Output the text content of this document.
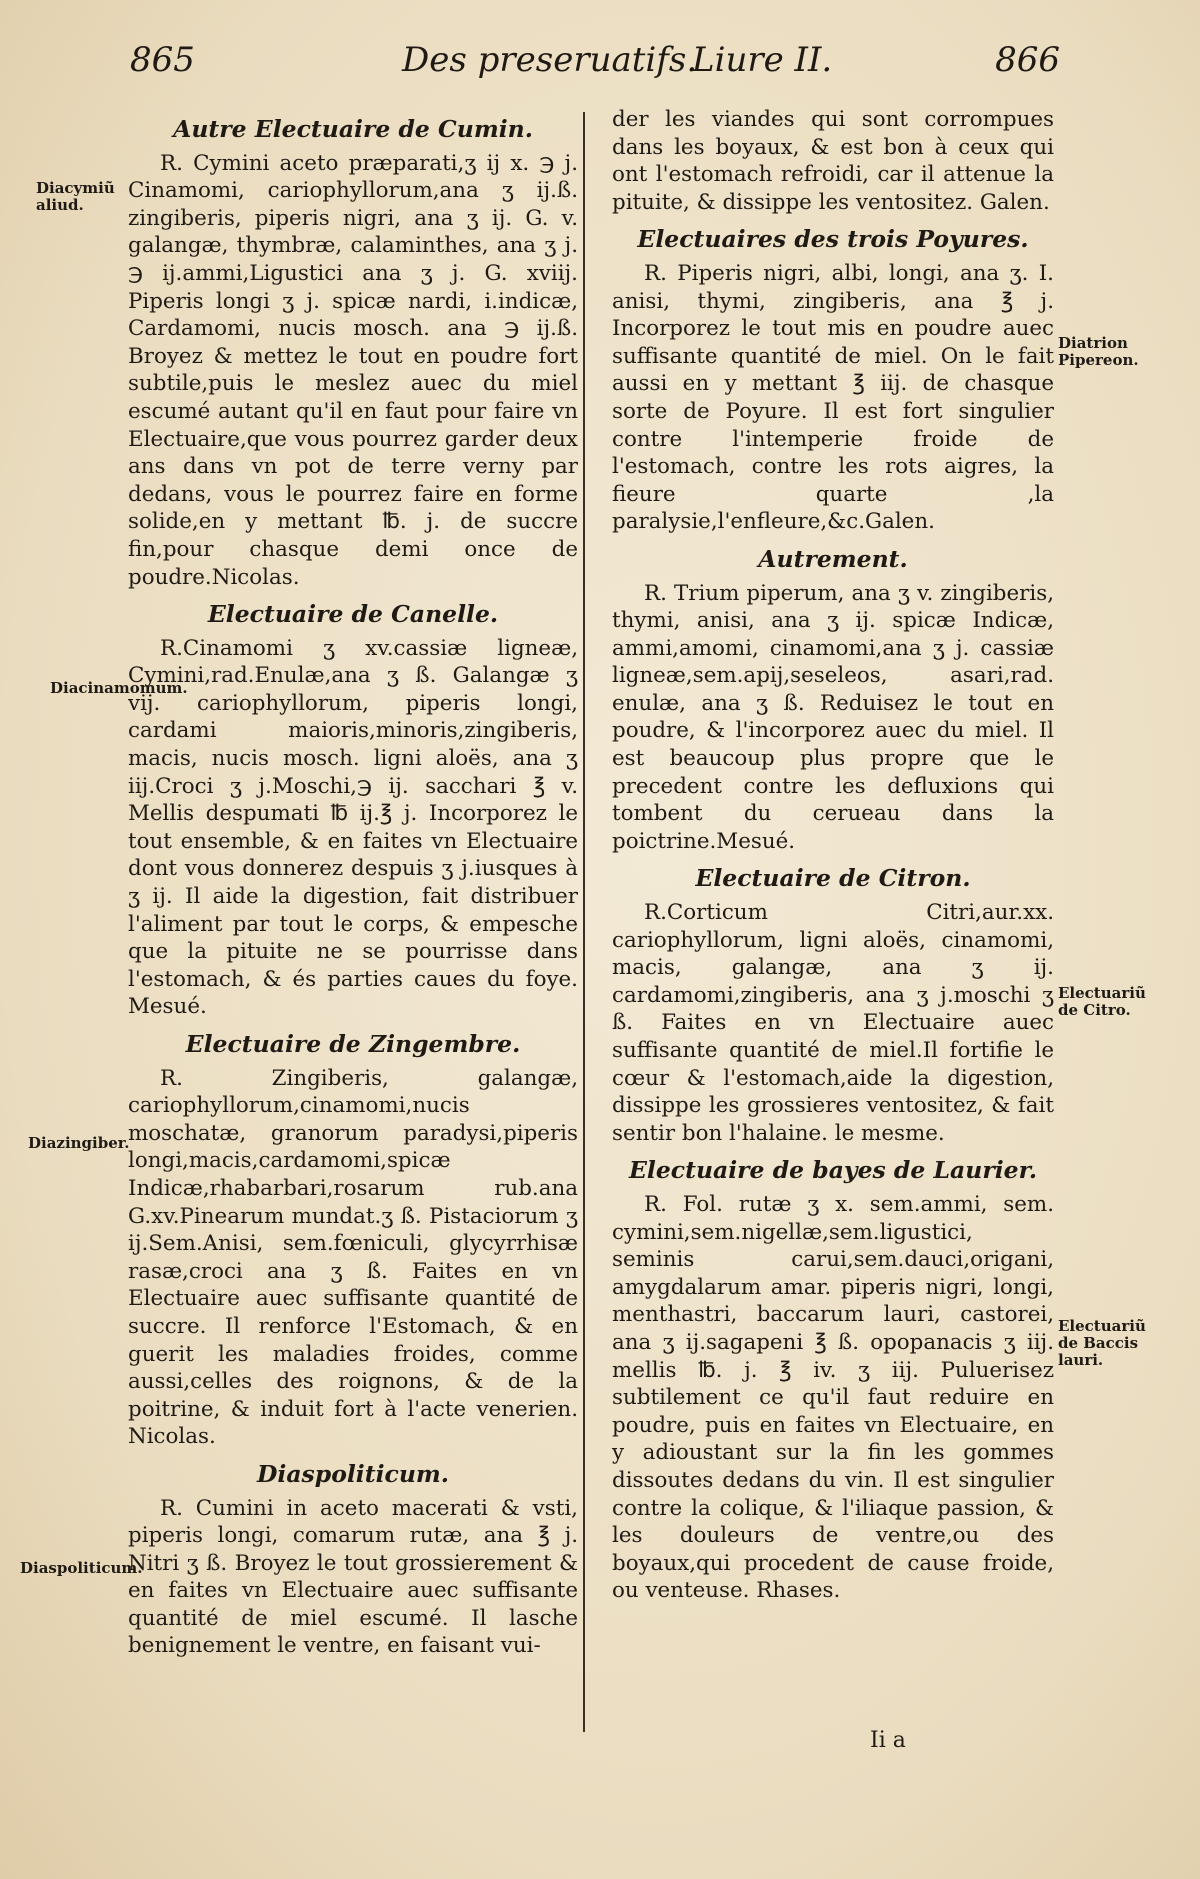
865	Des preseruatifs.
Liure II.	866
Autre Electuaire de Cumin.

R. Cymini aceto præparati,ʒ ij x. ℈ j. Cinamomi, cariophyllorum,ana ʒ ij.ß. zingiberis, piperis nigri, ana ʒ ij. G. v. galangæ, thymbræ, calaminthes, ana ʒ j. ℈ ij.ammi,Ligustici ana ʒ j. G. xviij. Piperis longi ʒ j. spicæ nardi, i.indicæ, Cardamomi, nucis mosch. ana ℈ ij.ß. Broyez & mettez le tout en poudre fort subtile,puis le meslez auec du miel escumé autant qu'il en faut pour faire vn Electuaire,que vous pourrez garder deux ans dans vn pot de terre verny par dedans, vous le pourrez faire en forme solide,en y mettant ℔. j. de succre fin,pour chasque demi once de poudre.Nicolas.

Electuaire de Canelle.

R.Cinamomi ʒ xv.cassiæ ligneæ, Cymini,rad.Enulæ,ana ʒ ß. Galangæ ʒ vij. cariophyllorum, piperis longi, cardami maioris,minoris,zingiberis, macis, nucis mosch. ligni aloës, ana ʒ iij.Croci ʒ j.Moschi,℈ ij. sacchari ℥ v. Mellis despumati ℔ ij.℥ j. Incorporez le tout ensemble, & en faites vn Electuaire dont vous donnerez despuis ʒ j.iusques à ʒ ij. Il aide la digestion, fait distribuer l'aliment par tout le corps, & empesche que la pituite ne se pourrisse dans l'estomach, & és parties caues du foye. Mesué.

Electuaire de Zingembre.

R. Zingiberis, galangæ, cariophyllorum,cinamomi,nucis moschatæ, granorum paradysi,piperis longi,macis,cardamomi,spicæ Indicæ,rhabarbari,rosarum rub.ana G.xv.Pinearum mundat.ʒ ß. Pistaciorum ʒ ij.Sem.Anisi, sem.fœniculi, glycyrrhisæ rasæ,croci ana ʒ ß. Faites en vn Electuaire auec suffisante quantité de succre. Il renforce l'Estomach, & en guerit les maladies froides, comme aussi,celles des roignons, & de la poitrine, & induit fort à l'acte venerien. Nicolas.

Diaspoliticum.

R. Cumini in aceto macerati & vsti, piperis longi, comarum rutæ, ana ℥ j. Nitri ʒ ß. Broyez le tout grossierement & en faites vn Electuaire auec suffisante quantité de miel escumé. Il lasche benignement le ventre, en faisant vui-

Diacymiũ aliud.
Diacinamomum.
Diazingiber.
Diaspoliticum.

der les viandes qui sont corrompues dans les boyaux, & est bon à ceux qui ont l'estomach refroidi, car il attenue la pituite, & dissippe les ventositez. Galen.

Electuaires des trois Poyures.

R. Piperis nigri, albi, longi, ana ʒ. I. anisi, thymi, zingiberis, ana ℥ j. Incorporez le tout mis en poudre auec suffisante quantité de miel. On le fait aussi en y mettant ℥ iij. de chasque sorte de Poyure. Il est fort singulier contre l'intemperie froide de l'estomach, contre les rots aigres, la fieure quarte ,la paralysie,l'enfleure,&c.Galen.

Autrement.

R. Trium piperum, ana ʒ v. zingiberis, thymi, anisi, ana ʒ ij. spicæ Indicæ, ammi,amomi, cinamomi,ana ʒ j. cassiæ ligneæ,sem.apij,seseleos, asari,rad. enulæ, ana ʒ ß. Reduisez le tout en poudre, & l'incorporez auec du miel. Il est beaucoup plus propre que le precedent contre les defluxions qui tombent du cerueau dans la poictrine.Mesué.

Electuaire de Citron.

R.Corticum Citri,aur.xx. cariophyllorum, ligni aloës, cinamomi, macis, galangæ, ana ʒ ij. cardamomi,zingiberis, ana ʒ j.moschi ʒ ß. Faites en vn Electuaire auec suffisante quantité de miel.Il fortifie le cœur & l'estomach,aide la digestion, dissippe les grossieres ventositez, & fait sentir bon l'halaine. le mesme.

Electuaire de bayes de Laurier.

R. Fol. rutæ ʒ x. sem.ammi, sem. cymini,sem.nigellæ,sem.ligustici, seminis carui,sem.dauci,origani, amygdalarum amar. piperis nigri, longi, menthastri, baccarum lauri, castorei, ana ʒ ij.sagapeni ℥ ß. opopanacis ʒ iij. mellis ℔. j. ℥ iv. ʒ iij. Puluerisez subtilement ce qu'il faut reduire en poudre, puis en faites vn Electuaire, en y adioustant sur la fin les gommes dissoutes dedans du vin. Il est singulier contre la colique, & l'iliaque passion, & les douleurs de ventre,ou des boyaux,qui procedent de cause froide, ou venteuse. Rhases.

Diatrion Pipereon.
Electuariũ de Citro.
Electuariũ de Baccis lauri.
Ii a
